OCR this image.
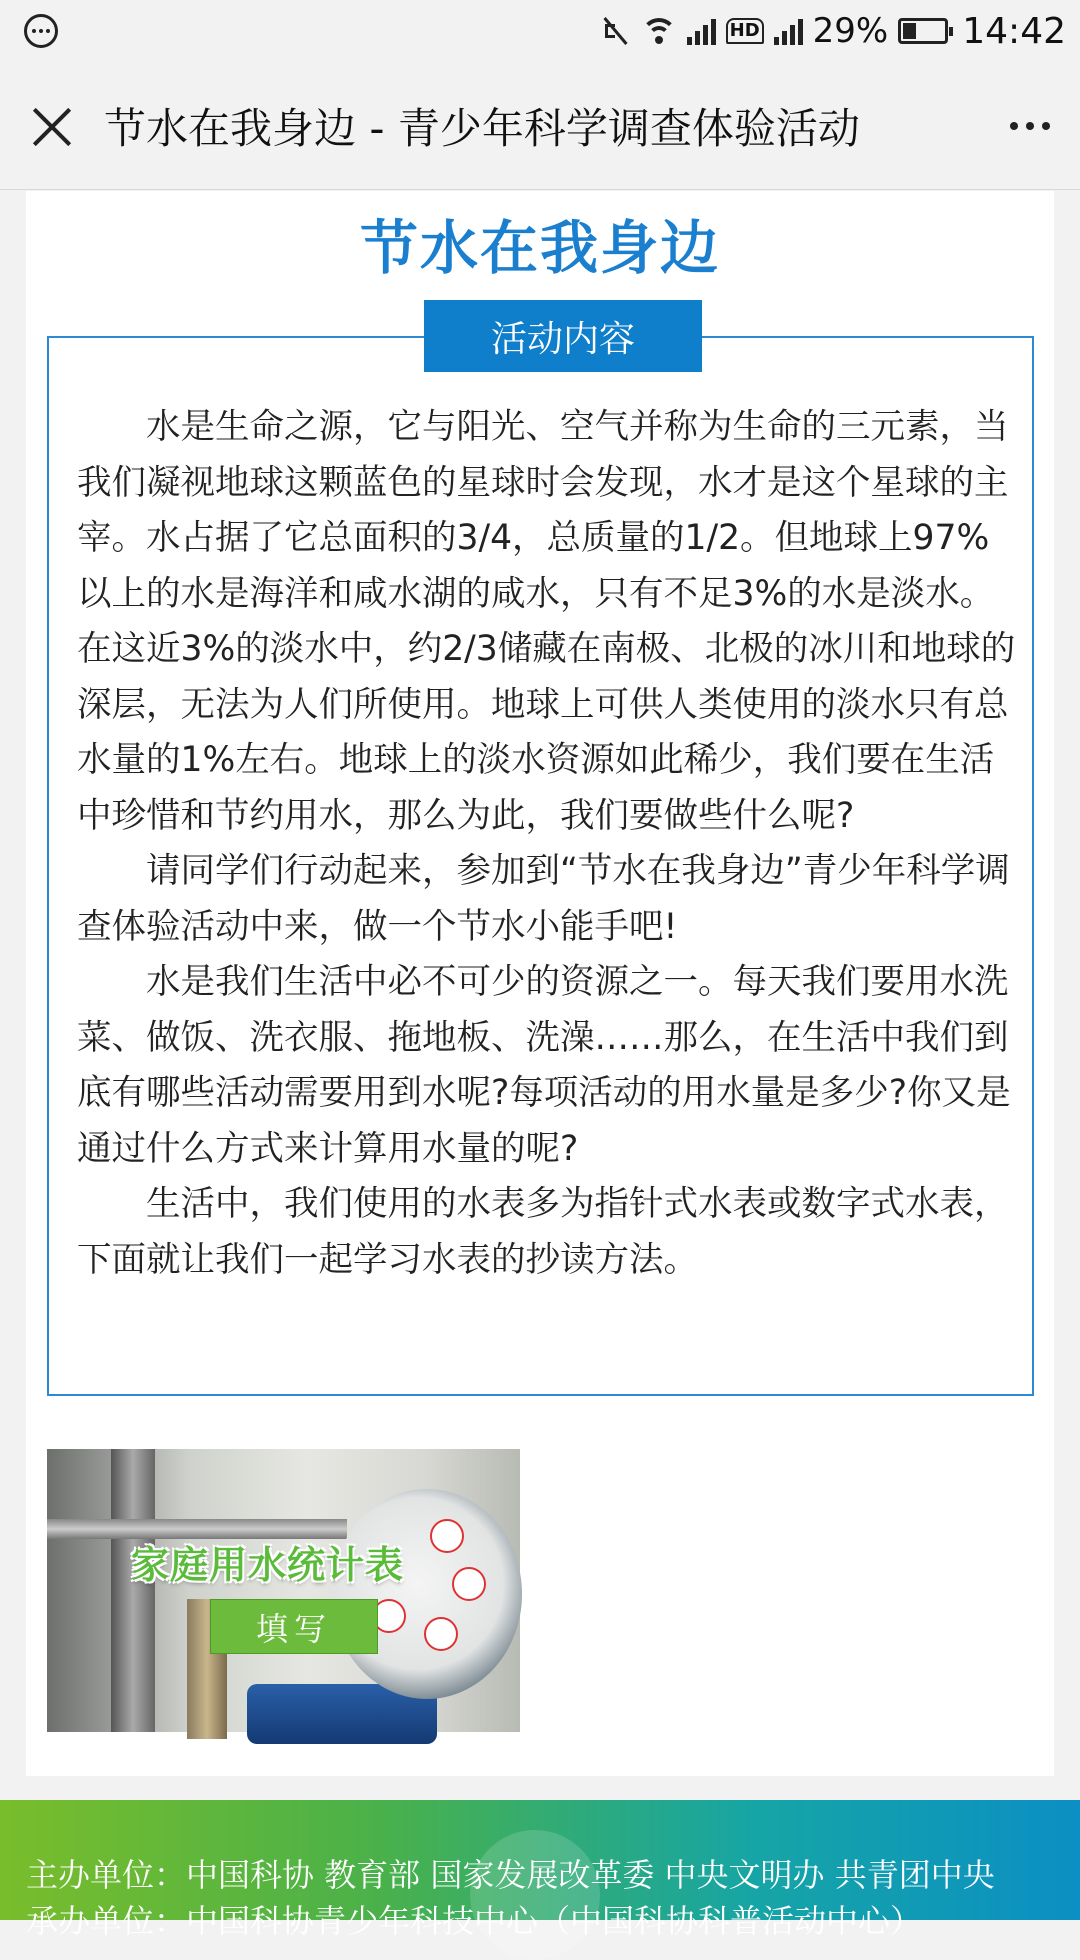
HD 29% 14:42
节水在我身边 - 青少年科学调查体验活动
节水在我身边
活动内容

水是生命之源，它与阳光、空气并称为生命的三元素，当我们凝视地球这颗蓝色的星球时会发现，水才是这个星球的主宰。水占据了它总面积的3/4，总质量的1/2。但地球上97%以上的水是海洋和咸水湖的咸水，只有不足3%的水是淡水。在这近3%的淡水中，约2/3储藏在南极、北极的冰川和地球的深层，无法为人们所使用。地球上可供人类使用的淡水只有总水量的1%左右。地球上的淡水资源如此稀少，我们要在生活中珍惜和节约用水，那么为此，我们要做些什么呢?

请同学们行动起来，参加到“节水在我身边”青少年科学调查体验活动中来，做一个节水小能手吧!

水是我们生活中必不可少的资源之一。每天我们要用水洗菜、做饭、洗衣服、拖地板、洗澡……那么，在生活中我们到底有哪些活动需要用到水呢?每项活动的用水量是多少?你又是通过什么方式来计算用水量的呢?

生活中，我们使用的水表多为指针式水表或数字式水表，下面就让我们一起学习水表的抄读方法。

家庭用水统计表
填写
主办单位：中国科协 教育部 国家发展改革委 中央文明办 共青团中央
承办单位：中国科协青少年科技中心（中国科协科普活动中心）
